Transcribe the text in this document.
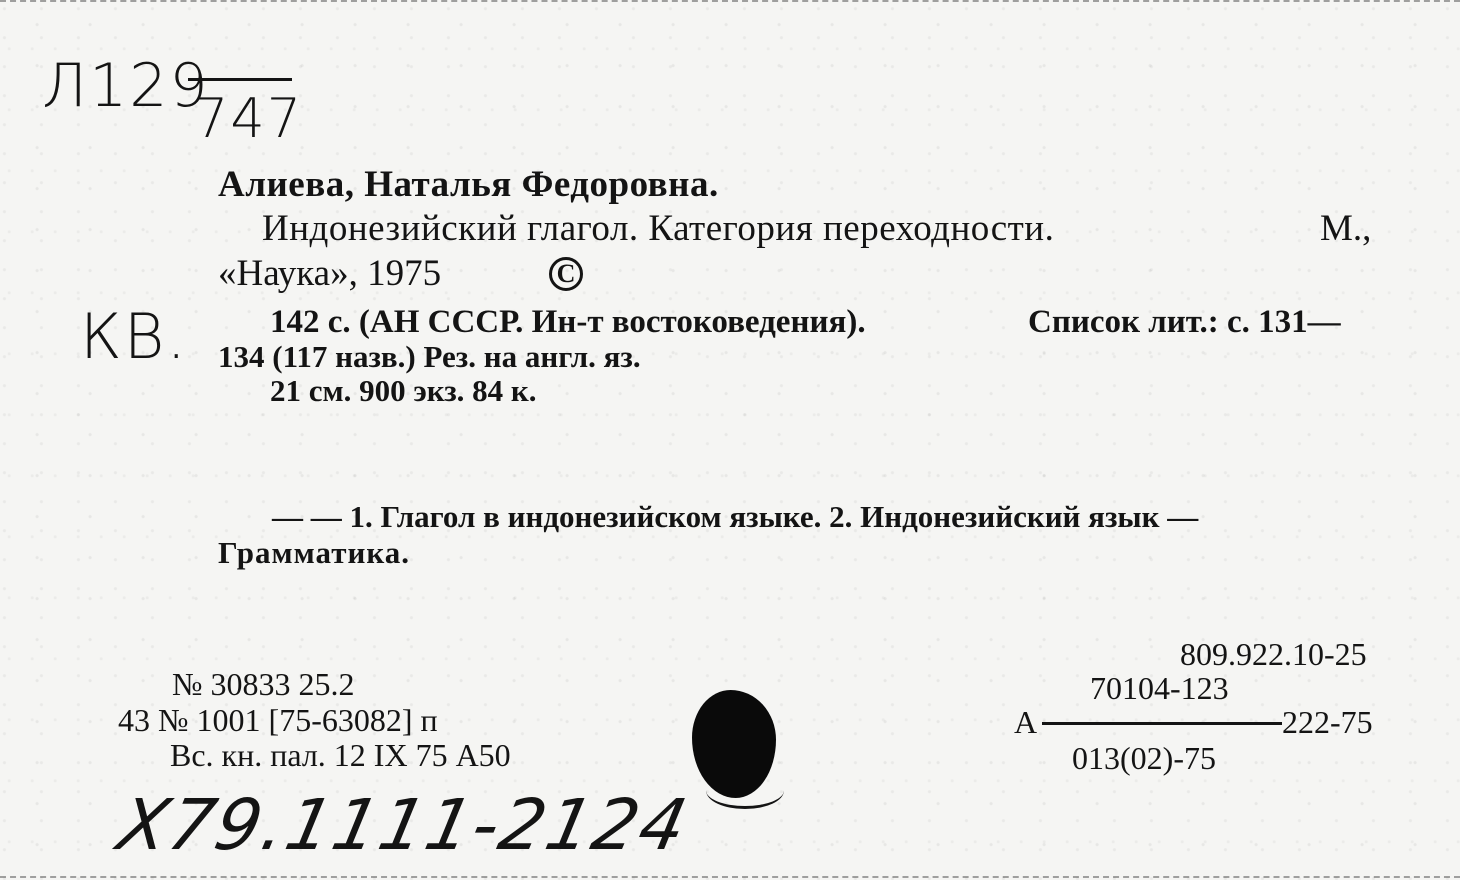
Л129
747
КВ.
Х79.1111-2124
Алиева, Наталья Федоровна.
Индонезийский глагол. Категория переходности.	М.,
«Наука», 1975	C
142 с. (АН СССР. Ин-т востоковедения).	Список лит.: с. 131—
134 (117 назв.) Рез. на англ. яз.
21 см. 900 экз. 84 к.
— — 1. Глагол в индонезийском языке. 2. Индонезийский язык —
Грамматика.
809.922.10-25
70104-123
А	222-75
013(02)-75
№ 30833 25.2
43 № 1001 [75-63082] п
Вс. кн. пал. 12 IX 75 А50
